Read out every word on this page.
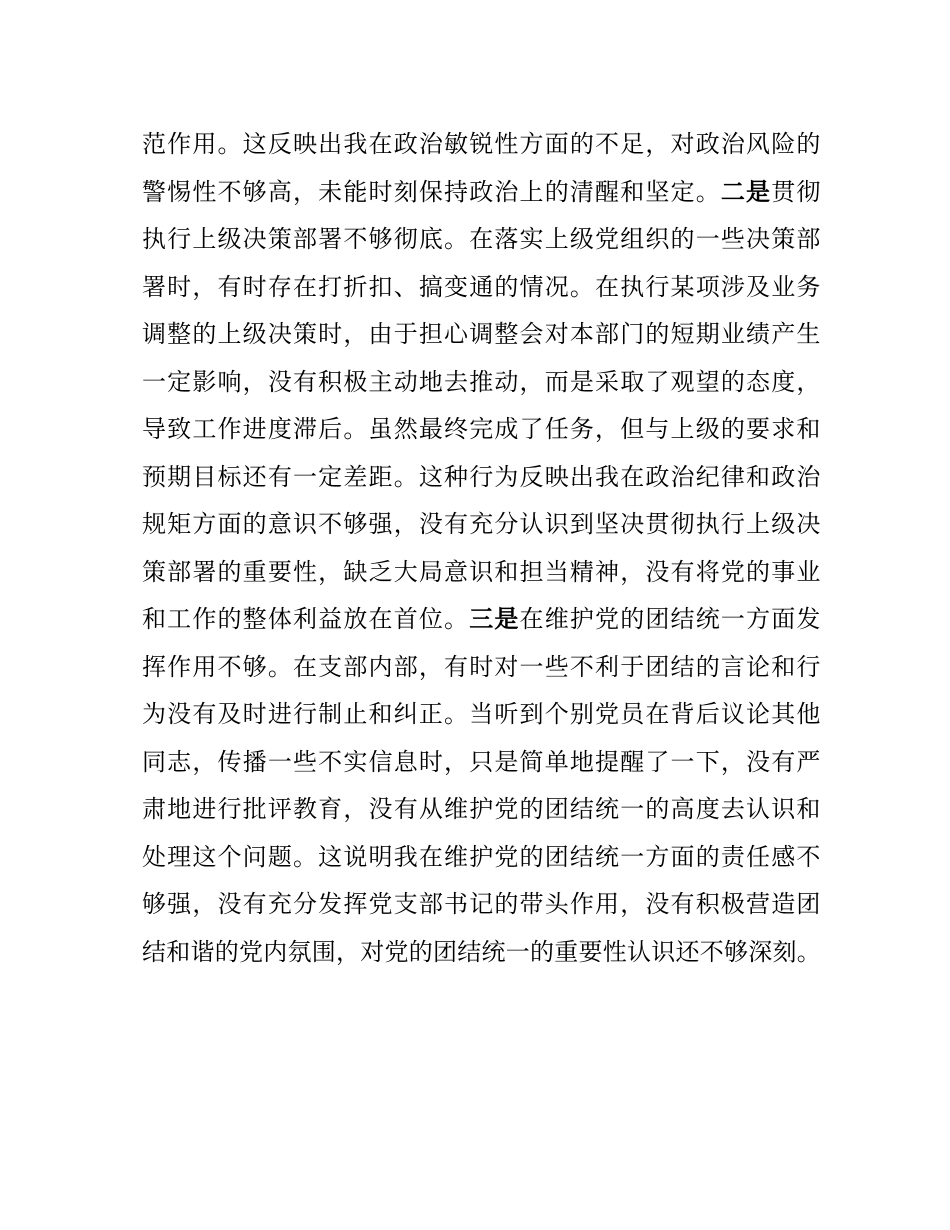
范作用。这反映出我在政治敏锐性方面的不足，对政治风险的
警惕性不够高，未能时刻保持政治上的清醒和坚定。二是贯彻
执行上级决策部署不够彻底。在落实上级党组织的一些决策部
署时，有时存在打折扣、搞变通的情况。在执行某项涉及业务
调整的上级决策时，由于担心调整会对本部门的短期业绩产生
一定影响，没有积极主动地去推动，而是采取了观望的态度，
导致工作进度滞后。虽然最终完成了任务，但与上级的要求和
预期目标还有一定差距。这种行为反映出我在政治纪律和政治
规矩方面的意识不够强，没有充分认识到坚决贯彻执行上级决
策部署的重要性，缺乏大局意识和担当精神，没有将党的事业
和工作的整体利益放在首位。三是在维护党的团结统一方面发
挥作用不够。在支部内部，有时对一些不利于团结的言论和行
为没有及时进行制止和纠正。当听到个别党员在背后议论其他
同志，传播一些不实信息时，只是简单地提醒了一下，没有严
肃地进行批评教育，没有从维护党的团结统一的高度去认识和
处理这个问题。这说明我在维护党的团结统一方面的责任感不
够强，没有充分发挥党支部书记的带头作用，没有积极营造团
结和谐的党内氛围，对党的团结统一的重要性认识还不够深刻。
